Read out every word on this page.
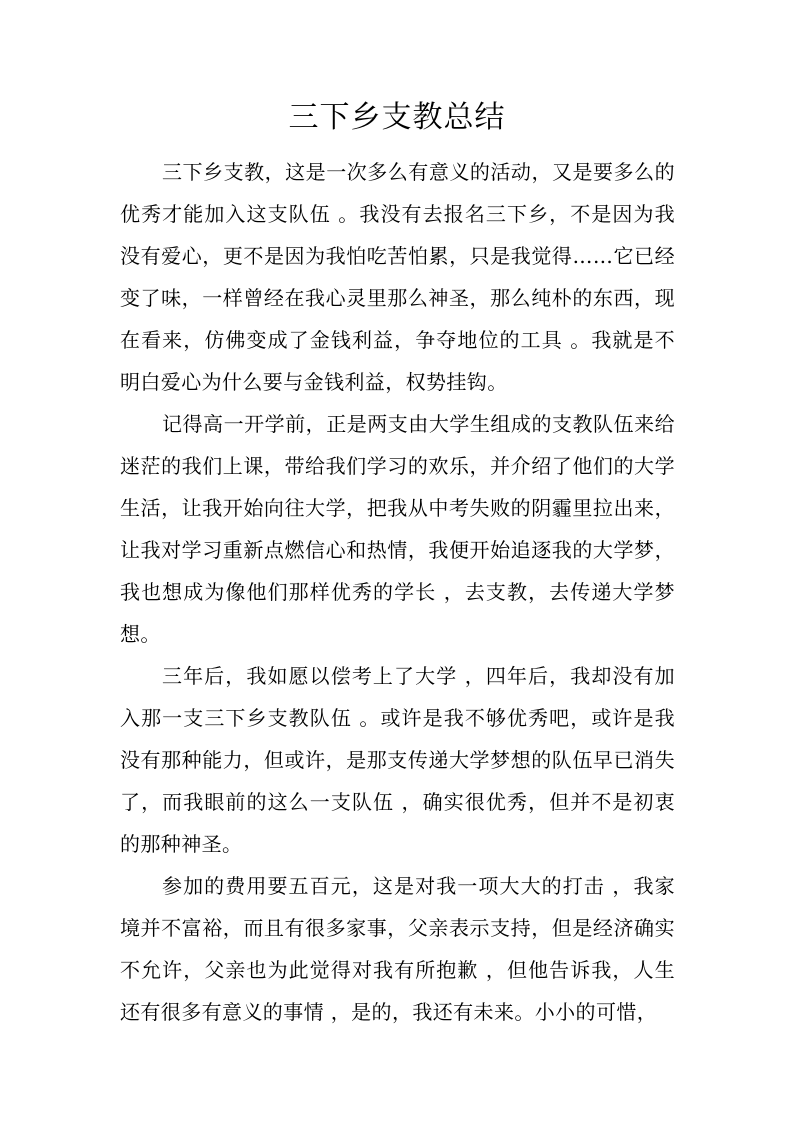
三下乡支教总结

三下乡支教，这是一次多么有意义的活动，又是要多么的优秀才能加入这支队伍 。我没有去报名三下乡，不是因为我没有爱心，更不是因为我怕吃苦怕累，只是我觉得……它已经变了味，一样曾经在我心灵里那么神圣，那么纯朴的东西，现在看来，仿佛变成了金钱利益，争夺地位的工具 。我就是不明白爱心为什么要与金钱利益，权势挂钩。

记得高一开学前，正是两支由大学生组成的支教队伍来给迷茫的我们上课，带给我们学习的欢乐，并介绍了他们的大学生活，让我开始向往大学，把我从中考失败的阴霾里拉出来，让我对学习重新点燃信心和热情，我便开始追逐我的大学梦，我也想成为像他们那样优秀的学长 ，去支教，去传递大学梦想。

三年后，我如愿以偿考上了大学 ，四年后，我却没有加入那一支三下乡支教队伍 。或许是我不够优秀吧，或许是我没有那种能力，但或许，是那支传递大学梦想的队伍早已消失了，而我眼前的这么一支队伍 ，确实很优秀，但并不是初衷的那种神圣。

参加的费用要五百元，这是对我一项大大的打击 ，我家境并不富裕，而且有很多家事，父亲表示支持，但是经济确实不允许，父亲也为此觉得对我有所抱歉 ，但他告诉我，人生还有很多有意义的事情 ，是的，我还有未来。小小的可惜，
